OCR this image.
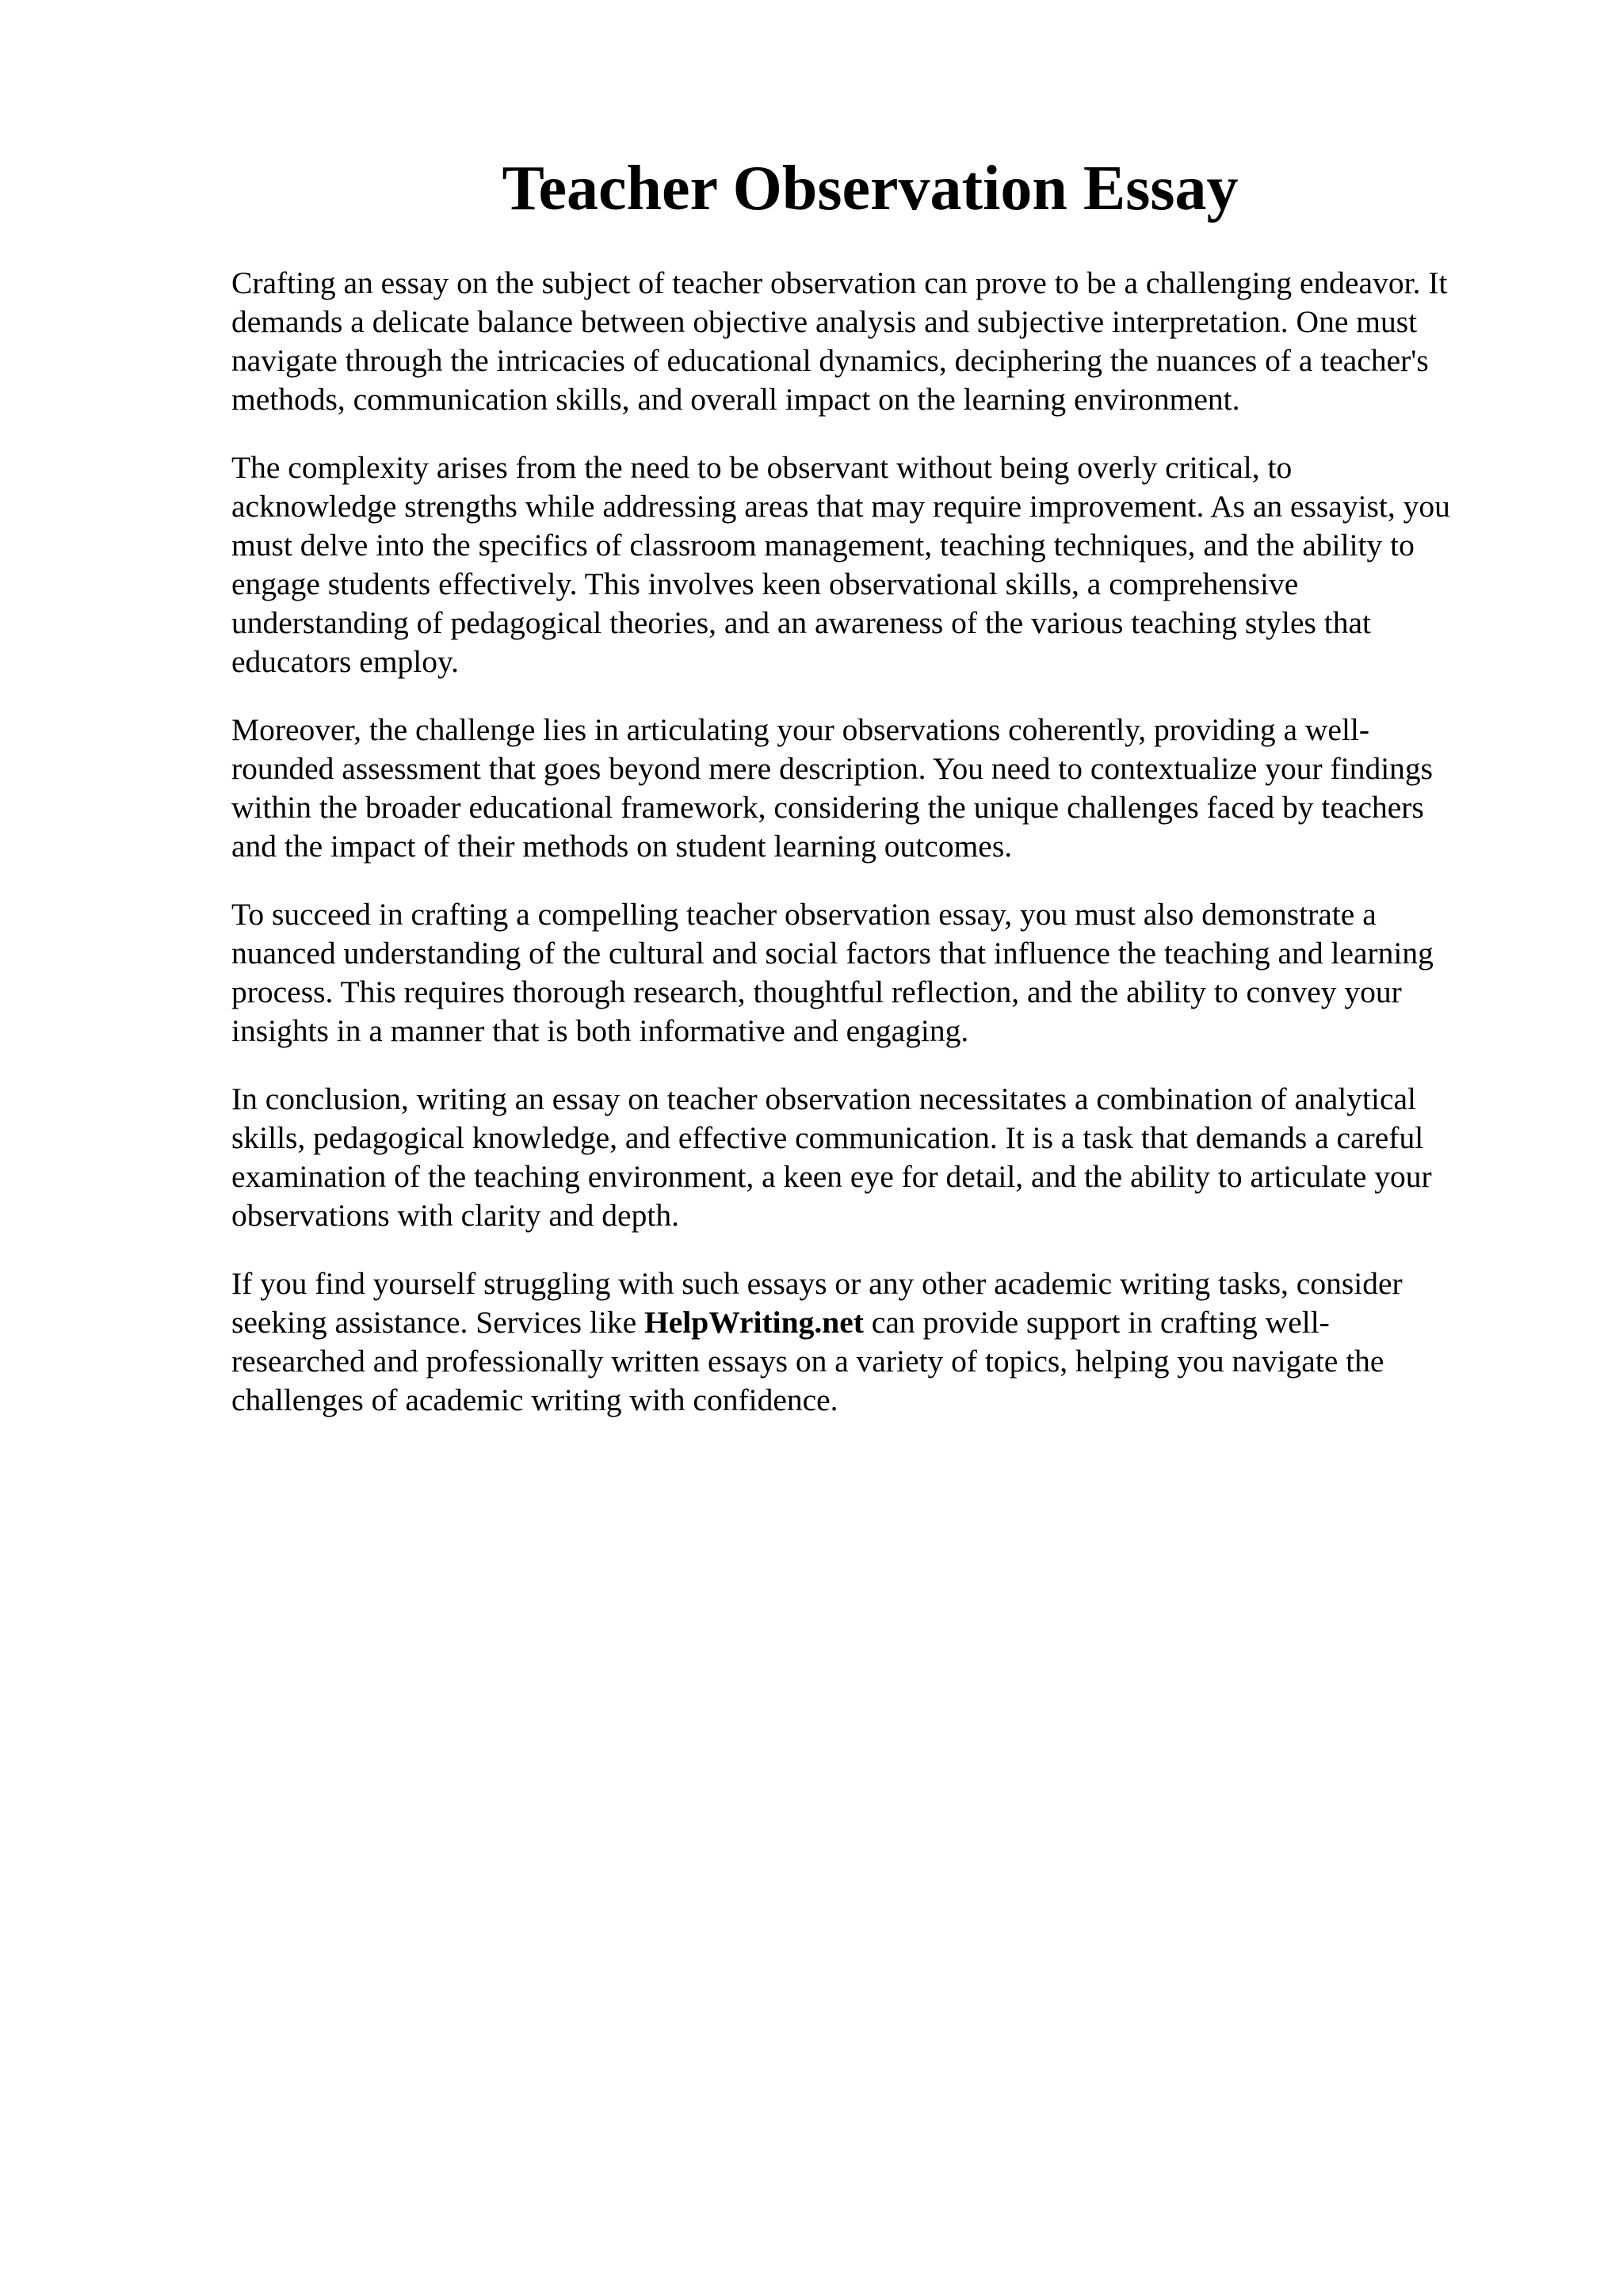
Teacher Observation Essay

Crafting an essay on the subject of teacher observation can prove to be a challenging endeavor. It
demands a delicate balance between objective analysis and subjective interpretation. One must
navigate through the intricacies of educational dynamics, deciphering the nuances of a teacher's
methods, communication skills, and overall impact on the learning environment.

The complexity arises from the need to be observant without being overly critical, to
acknowledge strengths while addressing areas that may require improvement. As an essayist, you
must delve into the specifics of classroom management, teaching techniques, and the ability to
engage students effectively. This involves keen observational skills, a comprehensive
understanding of pedagogical theories, and an awareness of the various teaching styles that
educators employ.

Moreover, the challenge lies in articulating your observations coherently, providing a well-
rounded assessment that goes beyond mere description. You need to contextualize your findings
within the broader educational framework, considering the unique challenges faced by teachers
and the impact of their methods on student learning outcomes.

To succeed in crafting a compelling teacher observation essay, you must also demonstrate a
nuanced understanding of the cultural and social factors that influence the teaching and learning
process. This requires thorough research, thoughtful reflection, and the ability to convey your
insights in a manner that is both informative and engaging.

In conclusion, writing an essay on teacher observation necessitates a combination of analytical
skills, pedagogical knowledge, and effective communication. It is a task that demands a careful
examination of the teaching environment, a keen eye for detail, and the ability to articulate your
observations with clarity and depth.

If you find yourself struggling with such essays or any other academic writing tasks, consider
seeking assistance. Services like HelpWriting.net can provide support in crafting well-
researched and professionally written essays on a variety of topics, helping you navigate the
challenges of academic writing with confidence.
